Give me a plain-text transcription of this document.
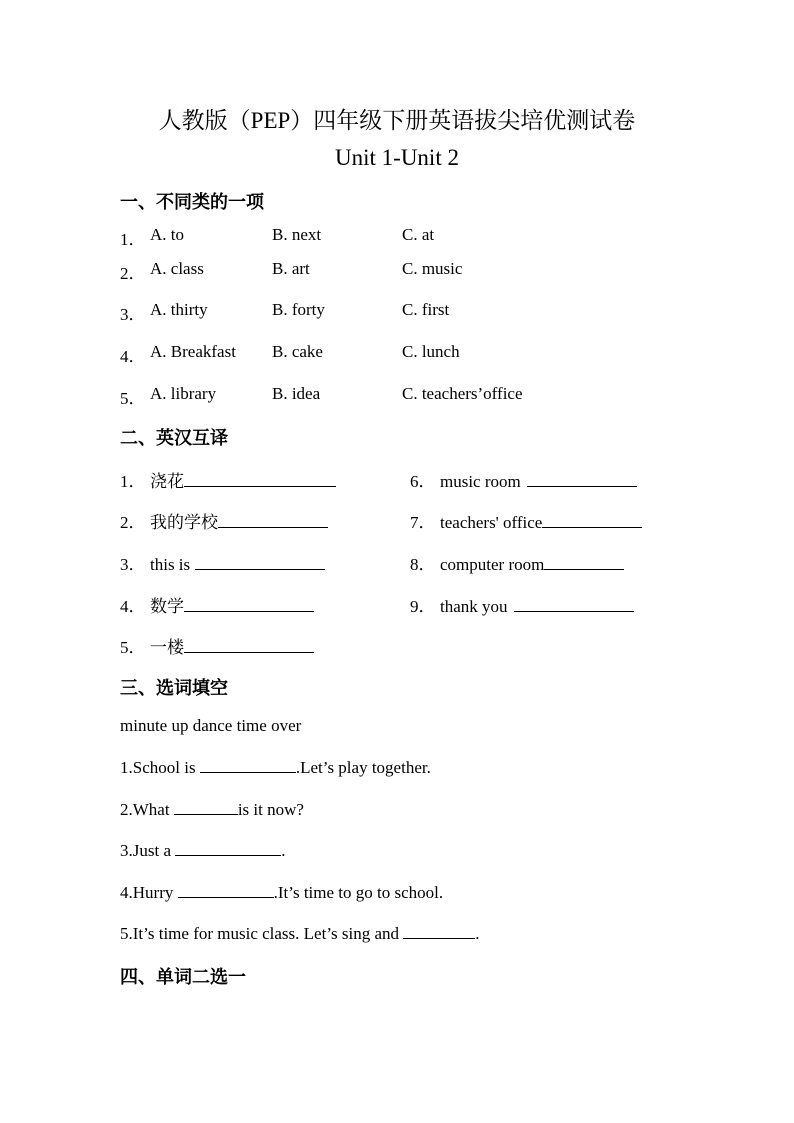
人教版（PEP）四年级下册英语拔尖培优测试卷
Unit 1-Unit 2
一、不同类的一项
1． A. to	B. next	C. at
2． A. class	B. art	C. music
3． A. thirty	B. forty	C. first
4． A. Breakfast B. cake	C. lunch
5． A. library	B. idea	C. teachers’office
二、英汉互译
1． 浇花
2． 我的学校
3． this is
4． 数学
5． 一楼
6． music room
7． teachers' office
8． computer room
9． thank you
三、选词填空
minute up dance time over
1.School is	.Let’s play together.
2.What	is it now?
3.Just a	.
4.Hurry	.It’s time to go to school.
5.It’s time for music class. Let’s sing and	.
四、单词二选一
